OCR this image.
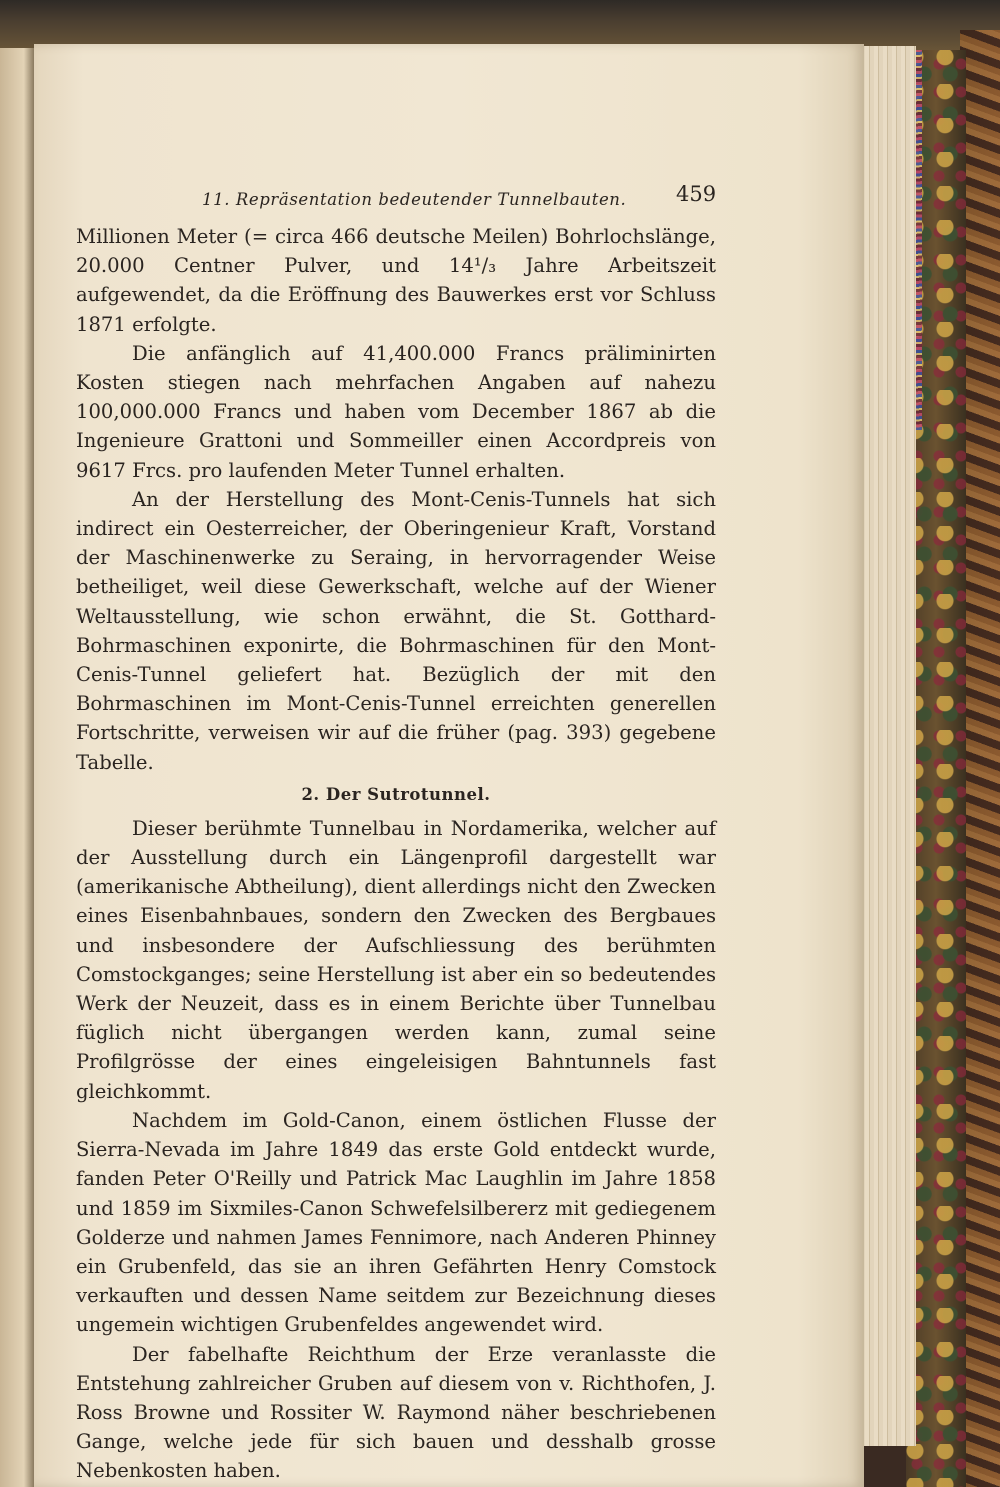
11. Repräsentation bedeutender Tunnelbauten. 459

Millionen Meter (= circa 466 deutsche Meilen) Bohrlochslänge, 20.000 Centner Pulver, und 14¹/₃ Jahre Arbeitszeit aufgewendet, da die Eröffnung des Bauwerkes erst vor Schluss 1871 erfolgte.

Die anfänglich auf 41,400.000 Francs präliminirten Kosten stiegen nach mehrfachen Angaben auf nahezu 100,000.000 Francs und haben vom December 1867 ab die Ingenieure Grattoni und Sommeiller einen Accordpreis von 9617 Frcs. pro laufenden Meter Tunnel erhalten.

An der Herstellung des Mont-Cenis-Tunnels hat sich indirect ein Oesterreicher, der Oberingenieur Kraft, Vorstand der Maschinenwerke zu Seraing, in hervorragender Weise betheiliget, weil diese Gewerkschaft, welche auf der Wiener Weltausstellung, wie schon erwähnt, die St. Gotthard-Bohrmaschinen exponirte, die Bohrmaschinen für den Mont-Cenis-Tunnel geliefert hat. Bezüglich der mit den Bohrmaschinen im Mont-Cenis-Tunnel erreichten generellen Fortschritte, verweisen wir auf die früher (pag. 393) gegebene Tabelle.

2. Der Sutrotunnel.

Dieser berühmte Tunnelbau in Nordamerika, welcher auf der Ausstellung durch ein Längenprofil dargestellt war (amerikanische Abtheilung), dient allerdings nicht den Zwecken eines Eisenbahnbaues, sondern den Zwecken des Bergbaues und insbesondere der Aufschliessung des berühmten Comstockganges; seine Herstellung ist aber ein so bedeutendes Werk der Neuzeit, dass es in einem Berichte über Tunnelbau füglich nicht übergangen werden kann, zumal seine Profilgrösse der eines eingeleisigen Bahntunnels fast gleichkommt.

Nachdem im Gold-Canon, einem östlichen Flusse der Sierra-Nevada im Jahre 1849 das erste Gold entdeckt wurde, fanden Peter O'Reilly und Patrick Mac Laughlin im Jahre 1858 und 1859 im Sixmiles-Canon Schwefelsilbererz mit gediegenem Golderze und nahmen James Fennimore, nach Anderen Phinney ein Grubenfeld, das sie an ihren Gefährten Henry Comstock verkauften und dessen Name seitdem zur Bezeichnung dieses ungemein wichtigen Grubenfeldes angewendet wird.

Der fabelhafte Reichthum der Erze veranlasste die Entstehung zahlreicher Gruben auf diesem von v. Richthofen, J. Ross Browne und Rossiter W. Raymond näher beschriebenen Gange, welche jede für sich bauen und desshalb grosse Nebenkosten haben.
